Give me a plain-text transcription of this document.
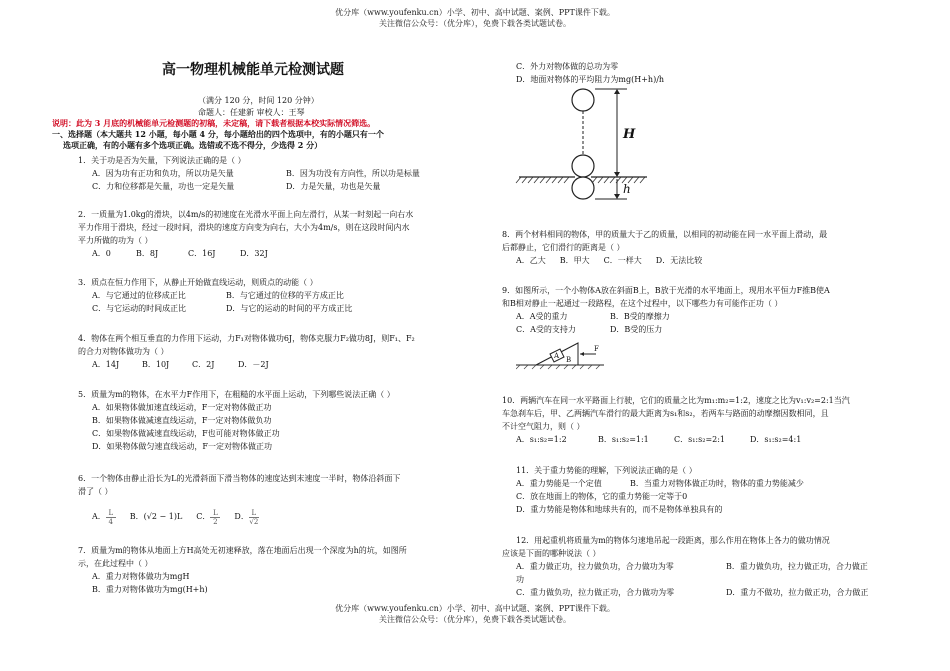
优分库（www.youfenku.cn）小学、初中、高中试题、案例、PPT课件下载。
关注微信公众号：（优分库），免费下载各类试题试卷。
高一物理机械能单元检测试题
（满分 120 分，时间 120 分钟）
命题人：任建新 审校人：王琴
说明：此为 3 月底的机械能单元检测题的初稿，未定稿，请下载者根据本校实际情况筛选。
一、选择题（本大题共 12 小题，每小题 4 分，每小题给出的四个选项中，有的小题只有一个
选项正确，有的小题有多个选项正确。选错或不选不得分，少选得 2 分）
1．关于功是否为矢量，下列说法正确的是（ ）
A．因为功有正功和负功，所以功是矢量	B．因为功没有方向性，所以功是标量
C．力和位移都是矢量，功也一定是矢量	D．力是矢量，功也是矢量
2．一质量为1.0kg的滑块，以4m/s的初速度在光滑水平面上向左滑行，从某一时刻起一向右水
平力作用于滑块，经过一段时间，滑块的速度方向变为向右，大小为4m/s，则在这段时间内水
平力所做的功为（ ）
A．0	B．8J	C．16J	D．32J
3．质点在恒力作用下，从静止开始做直线运动，则质点的动能（ ）
A．与它通过的位移成正比	B．与它通过的位移的平方成正比
C．与它运动的时间成正比	D．与它的运动的时间的平方成正比
4．物体在两个相互垂直的力作用下运动，力F₁对物体做功6J，物体克服力F₂做功8J，则F₁、F₂
的合力对物体做功为（ ）
A．14J	B．10J	C．2J	D．－2J
5．质量为m的物体，在水平力F作用下，在粗糙的水平面上运动，下列哪些说法正确（ ）
A．如果物体做加速直线运动，F一定对物体做正功
B．如果物体做减速直线运动，F一定对物体做负功
C．如果物体做减速直线运动，F也可能对物体做正功
D．如果物体做匀速直线运动，F一定对物体做正功
6．一个物体由静止沿长为L的光滑斜面下滑当物体的速度达到末速度一半时，物体沿斜面下
滑了（ ）
A． $\frac{L}{4}$ B．(√2 − 1)L C． $\frac{L}{2}$ D． $\frac{L}{√2}$
7．质量为m的物体从地面上方H高处无初速释放，落在地面后出现一个深度为h的坑，如图所
示，在此过程中（ ）
A．重力对物体做功为mgH
B．重力对物体做功为mg(H+h)
C．外力对物体做的总功为零
D．地面对物体的平均阻力为mg(H+h)/h
H
h
8．两个材料相同的物体，甲的质量大于乙的质量，以相同的初动能在同一水平面上滑动，最
后都静止，它们滑行的距离是（ ）
A．乙大 B．甲大 C．一样大 D．无法比较
9．如图所示，一个小物体A放在斜面B上，B放于光滑的水平地面上，现用水平恒力F推B使A
和B相对静止一起通过一段路程，在这个过程中，以下哪些力有可能作正功（ ）
A．A受的重力	B．B受的摩擦力
C．A受的支持力	D．B受的压力
A B
F
10．两辆汽车在同一水平路面上行驶，它们的质量之比为m₁:m₂=1:2，速度之比为v₁:v₂=2:1当汽
车急刹车后，甲、乙两辆汽车滑行的最大距离为s₁和s₂，若两车与路面的动摩擦因数相同，且
不计空气阻力，则（ ）
A．s₁:s₂=1:2	B．s₁:s₂=1:1	C．s₁:s₂=2:1	D．s₁:s₂=4:1
11．关于重力势能的理解，下列说法正确的是（ ）
A．重力势能是一个定值	B．当重力对物体做正功时，物体的重力势能减少
C．放在地面上的物体，它的重力势能一定等于0
D．重力势能是物体和地球共有的，而不是物体单独具有的
12．用起重机将质量为m的物体匀速地吊起一段距离，那么作用在物体上各力的做功情况
应该是下面的哪种说法（ ）
A．重力做正功，拉力做负功，合力做功为零	B．重力做负功，拉力做正功，合力做正
功
C．重力做负功，拉力做正功，合力做功为零	D．重力不做功，拉力做正功，合力做正
优分库（www.youfenku.cn）小学、初中、高中试题、案例、PPT课件下载。
关注微信公众号：（优分库），免费下载各类试题试卷。
